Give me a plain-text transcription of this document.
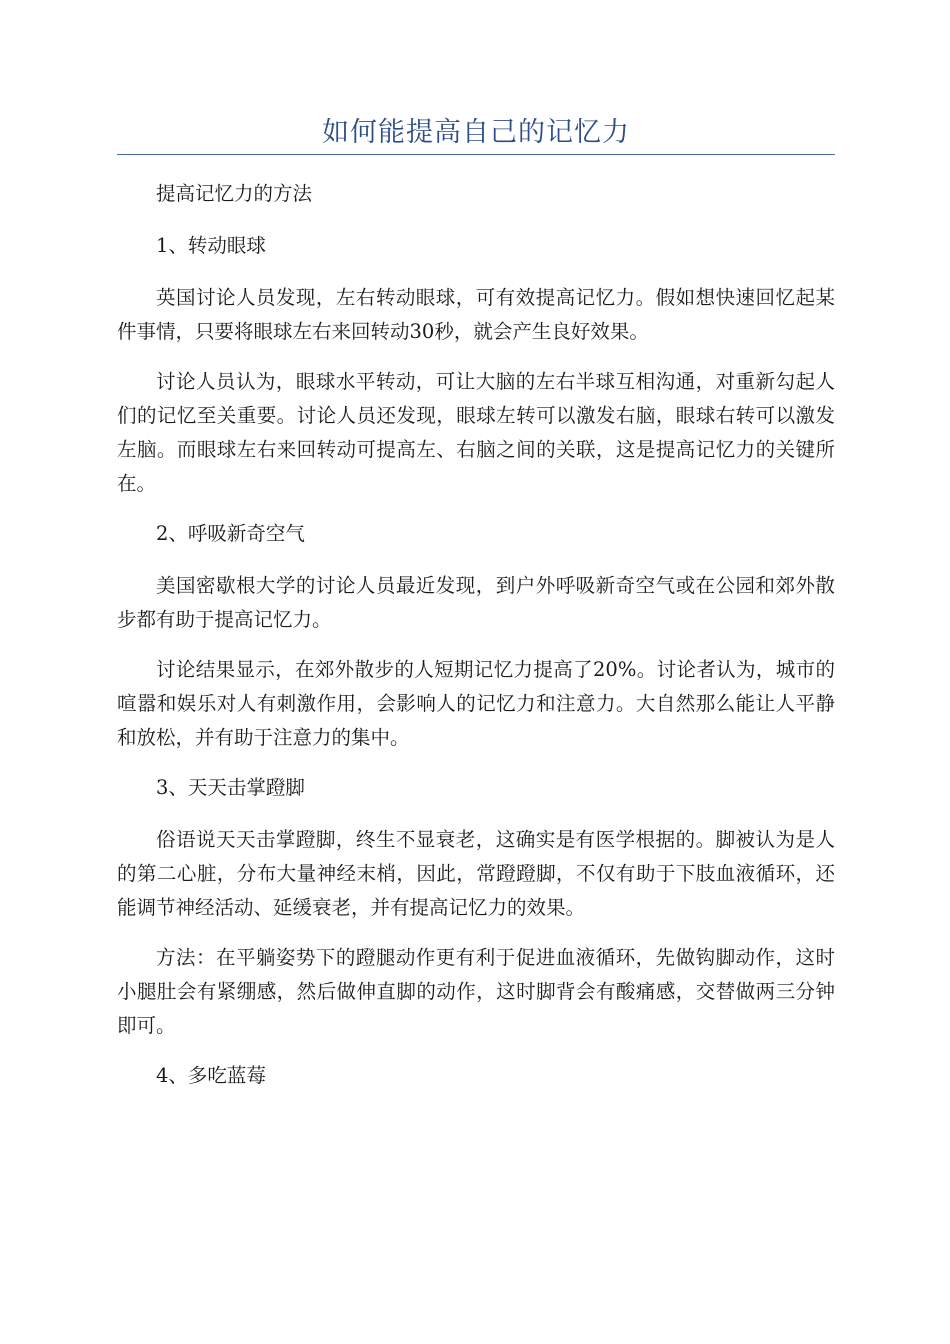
如何能提高自己的记忆力

提高记忆力的方法

1、转动眼球

英国讨论人员发现，左右转动眼球，可有效提高记忆力。假如想快速回忆起某件事情，只要将眼球左右来回转动30秒，就会产生良好效果。

讨论人员认为，眼球水平转动，可让大脑的左右半球互相沟通，对重新勾起人们的记忆至关重要。讨论人员还发现，眼球左转可以激发右脑，眼球右转可以激发左脑。而眼球左右来回转动可提高左、右脑之间的关联，这是提高记忆力的关键所在。

2、呼吸新奇空气

美国密歇根大学的讨论人员最近发现，到户外呼吸新奇空气或在公园和郊外散步都有助于提高记忆力。

讨论结果显示，在郊外散步的人短期记忆力提高了20%。讨论者认为，城市的喧嚣和娱乐对人有刺激作用，会影响人的记忆力和注意力。大自然那么能让人平静和放松，并有助于注意力的集中。

3、天天击掌蹬脚

俗语说天天击掌蹬脚，终生不显衰老，这确实是有医学根据的。脚被认为是人的第二心脏，分布大量神经末梢，因此，常蹬蹬脚，不仅有助于下肢血液循环，还能调节神经活动、延缓衰老，并有提高记忆力的效果。

方法：在平躺姿势下的蹬腿动作更有利于促进血液循环，先做钩脚动作，这时小腿肚会有紧绷感，然后做伸直脚的动作，这时脚背会有酸痛感，交替做两三分钟即可。

4、多吃蓝莓
